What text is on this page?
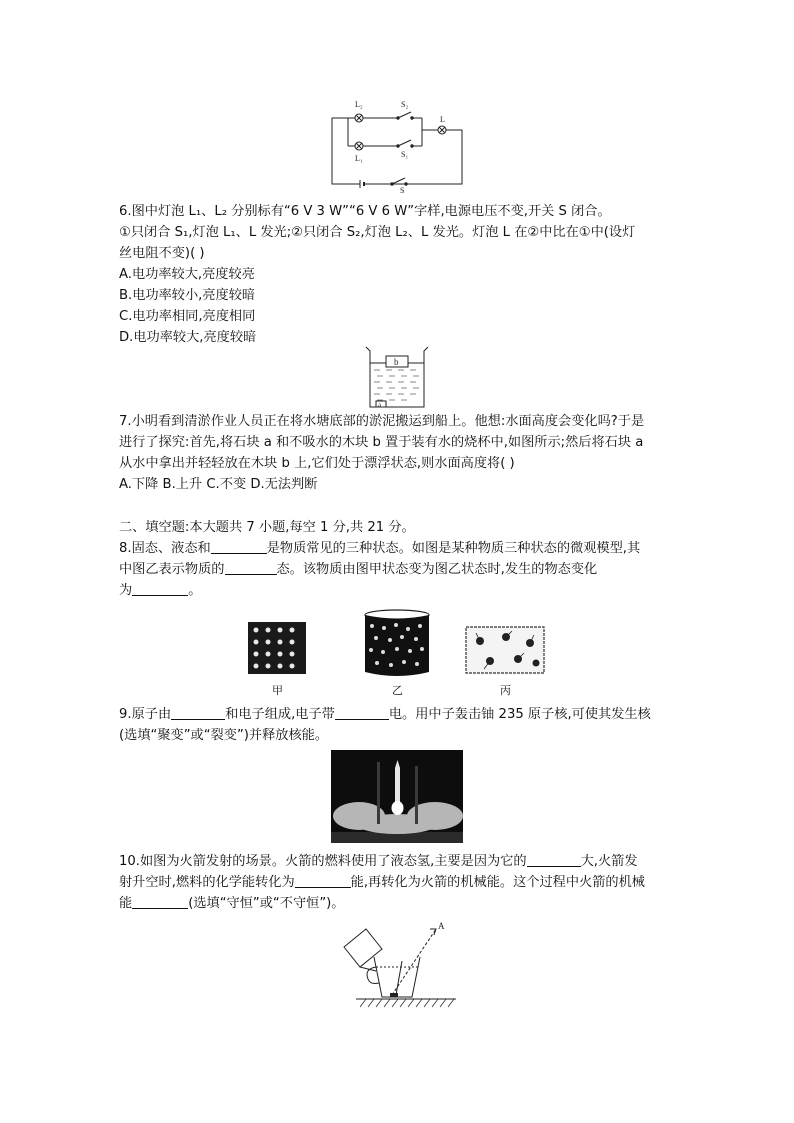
L₂	S₂
L
L₁	S₁
S
6.图中灯泡 L₁、L₂ 分别标有“6 V 3 W”“6 V 6 W”字样,电源电压不变,开关 S 闭合。
①只闭合 S₁,灯泡 L₁、L 发光;②只闭合 S₂,灯泡 L₂、L 发光。灯泡 L 在②中比在①中(设灯
丝电阻不变)( )
A.电功率较大,亮度较亮
B.电功率较小,亮度较暗
C.电功率相同,亮度相同
D.电功率较大,亮度较暗
b
a
7.小明看到清淤作业人员正在将水塘底部的淤泥搬运到船上。他想:水面高度会变化吗?于是
进行了探究:首先,将石块 a 和不吸水的木块 b 置于装有水的烧杯中,如图所示;然后将石块 a
从水中拿出并轻轻放在木块 b 上,它们处于漂浮状态,则水面高度将( )
A.下降 B.上升 C.不变 D.无法判断
二、填空题:本大题共 7 小题,每空 1 分,共 21 分。
8.固态、液态和	是物质常见的三种状态。如图是某种物质三种状态的微观模型,其
中图乙表示物质的	态。该物质由图甲状态变为图乙状态时,发生的物态变化
为	。
甲	乙	丙
9.原子由	和电子组成,电子带	电。用中子轰击铀 235 原子核,可使其发生核
(选填“聚变”或“裂变”)并释放核能。
10.如图为火箭发射的场景。火箭的燃料使用了液态氢,主要是因为它的	大,火箭发
射升空时,燃料的化学能转化为	能,再转化为火箭的机械能。这个过程中火箭的机械
能	(选填“守恒”或“不守恒”)。
A
